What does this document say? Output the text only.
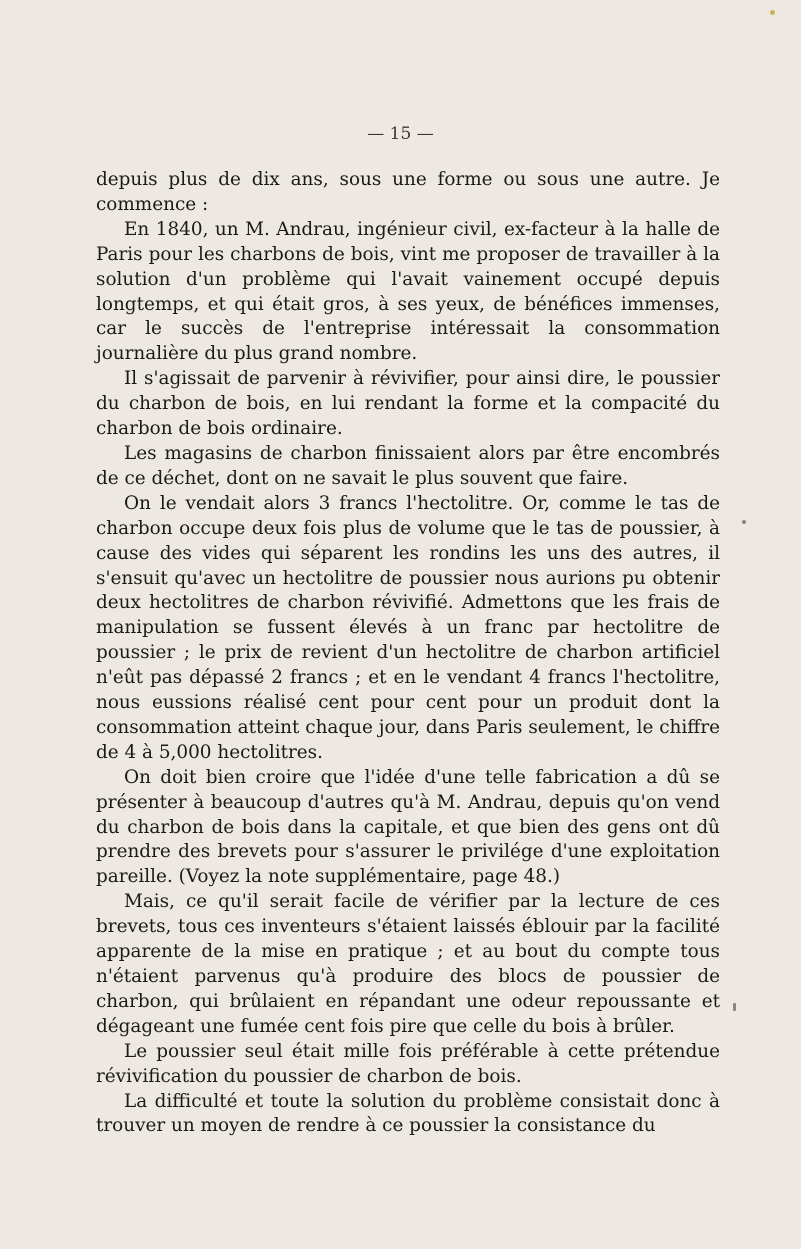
— 15 —

depuis plus de dix ans, sous une forme ou sous une autre. Je commence :

En 1840, un M. Andrau, ingénieur civil, ex-facteur à la halle de Paris pour les charbons de bois, vint me proposer de travailler à la solution d'un problème qui l'avait vainement occupé depuis longtemps, et qui était gros, à ses yeux, de bénéfices immenses, car le succès de l'entreprise intéressait la consommation journalière du plus grand nombre.

Il s'agissait de parvenir à révivifier, pour ainsi dire, le poussier du charbon de bois, en lui rendant la forme et la compacité du charbon de bois ordinaire.

Les magasins de charbon finissaient alors par être encombrés de ce déchet, dont on ne savait le plus souvent que faire.

On le vendait alors 3 francs l'hectolitre. Or, comme le tas de charbon occupe deux fois plus de volume que le tas de poussier, à cause des vides qui séparent les rondins les uns des autres, il s'ensuit qu'avec un hectolitre de poussier nous aurions pu obtenir deux hectolitres de charbon révivifié. Admettons que les frais de manipulation se fussent élevés à un franc par hectolitre de poussier ; le prix de revient d'un hectolitre de charbon artificiel n'eût pas dépassé 2 francs ; et en le vendant 4 francs l'hectolitre, nous eussions réalisé cent pour cent pour un produit dont la consommation atteint chaque jour, dans Paris seulement, le chiffre de 4 à 5,000 hectolitres.

On doit bien croire que l'idée d'une telle fabrication a dû se présenter à beaucoup d'autres qu'à M. Andrau, depuis qu'on vend du charbon de bois dans la capitale, et que bien des gens ont dû prendre des brevets pour s'assurer le privilége d'une exploitation pareille. (Voyez la note supplémentaire, page 48.)

Mais, ce qu'il serait facile de vérifier par la lecture de ces brevets, tous ces inventeurs s'étaient laissés éblouir par la facilité apparente de la mise en pratique ; et au bout du compte tous n'étaient parvenus qu'à produire des blocs de poussier de charbon, qui brûlaient en répandant une odeur repoussante et dégageant une fumée cent fois pire que celle du bois à brûler.

Le poussier seul était mille fois préférable à cette prétendue révivification du poussier de charbon de bois.

La difficulté et toute la solution du problème consistait donc à trouver un moyen de rendre à ce poussier la consistance du
